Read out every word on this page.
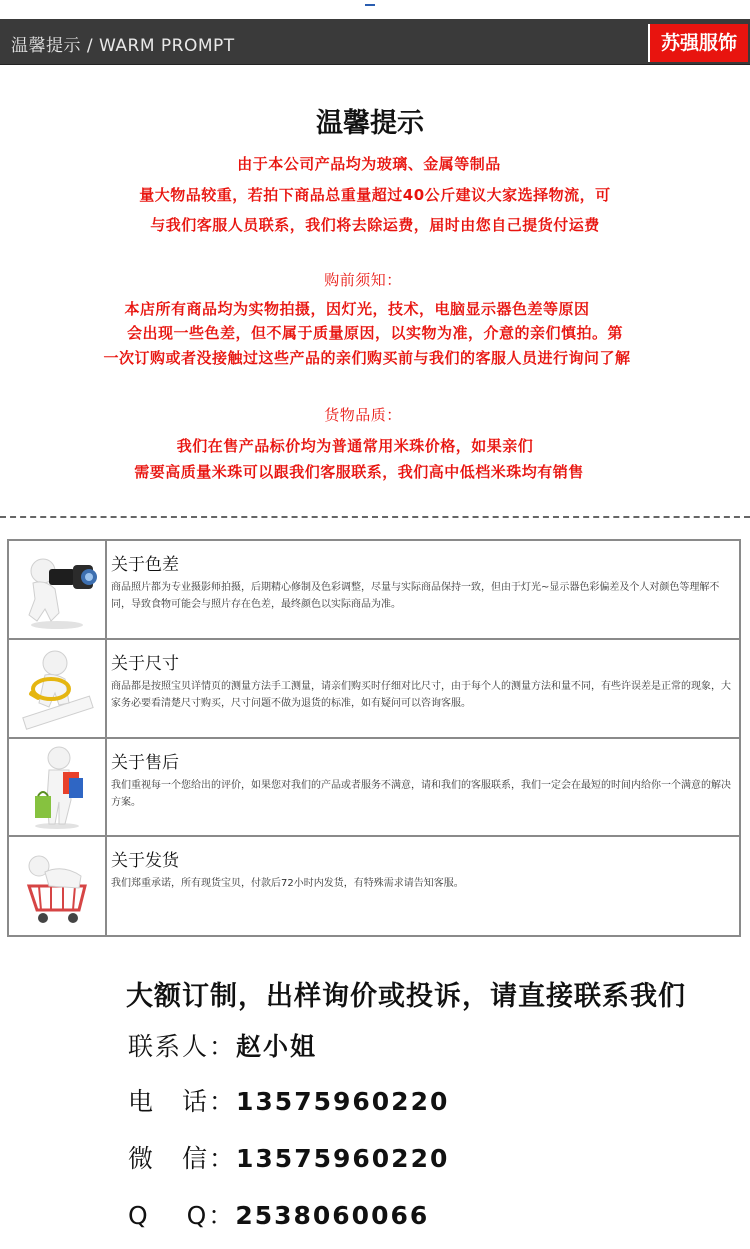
温馨提示 / WARM PROMPT	苏强服饰
温馨提示
由于本公司产品均为玻璃、金属等制品
量大物品较重，若拍下商品总重量超过40公斤建议大家选择物流，可
与我们客服人员联系，我们将去除运费，届时由您自己提货付运费
购前须知：
本店所有商品均为实物拍摄，因灯光，技术，电脑显示器色差等原因
会出现一些色差，但不属于质量原因，以实物为准，介意的亲们慎拍。第
一次订购或者没接触过这些产品的亲们购买前与我们的客服人员进行询问了解
货物品质：
我们在售产品标价均为普通常用米珠价格，如果亲们
需要高质量米珠可以跟我们客服联系，我们高中低档米珠均有销售
关于色差
商品照片都为专业摄影师拍摄，后期精心修制及色彩调整，尽量与实际商品保持一致，但由于灯光~显示器色彩偏差及个人对颜色等理解不同，导致食物可能会与照片存在色差，最终颜色以实际商品为准。
关于尺寸
商品都是按照宝贝详情页的测量方法手工测量，请亲们购买时仔细对比尺寸，由于每个人的测量方法和量不同，有些许误差是正常的现象，大家务必要看清楚尺寸购买，尺寸问题不做为退货的标准，如有疑问可以咨询客服。
关于售后
我们重视每一个您给出的评价，如果您对我们的产品或者服务不满意，请和我们的客服联系，我们一定会在最短的时间内给你一个满意的解决方案。
关于发货
我们郑重承诺，所有现货宝贝，付款后72小时内发货，有特殊需求请告知客服。
大额订制，出样询价或投诉，请直接联系我们
联系人：赵小姐
电　话：13575960220
微　信：13575960220
Q　 Q：2538060066
